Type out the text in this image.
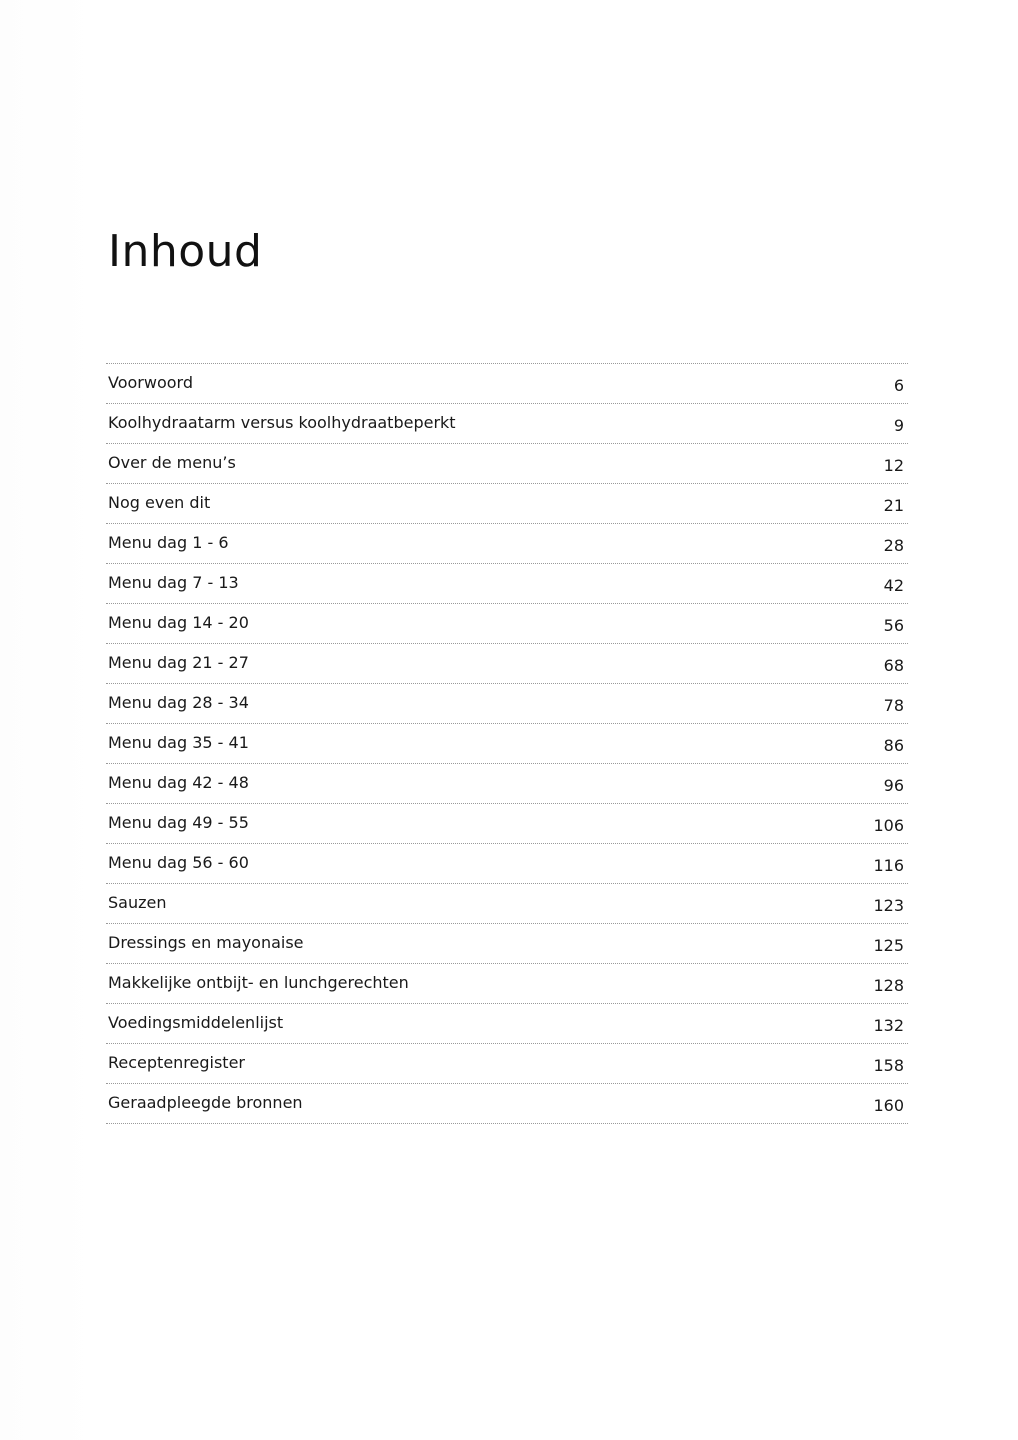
Inhoud
Voorwoord	6
Koolhydraatarm versus koolhydraatbeperkt	9
Over de menu’s	12
Nog even dit	21
Menu dag 1 - 6	28
Menu dag 7 - 13	42
Menu dag 14 - 20	56
Menu dag 21 - 27	68
Menu dag 28 - 34	78
Menu dag 35 - 41	86
Menu dag 42 - 48	96
Menu dag 49 - 55	106
Menu dag 56 - 60	116
Sauzen	123
Dressings en mayonaise	125
Makkelijke ontbijt- en lunchgerechten	128
Voedingsmiddelenlijst	132
Receptenregister	158
Geraadpleegde bronnen	160
